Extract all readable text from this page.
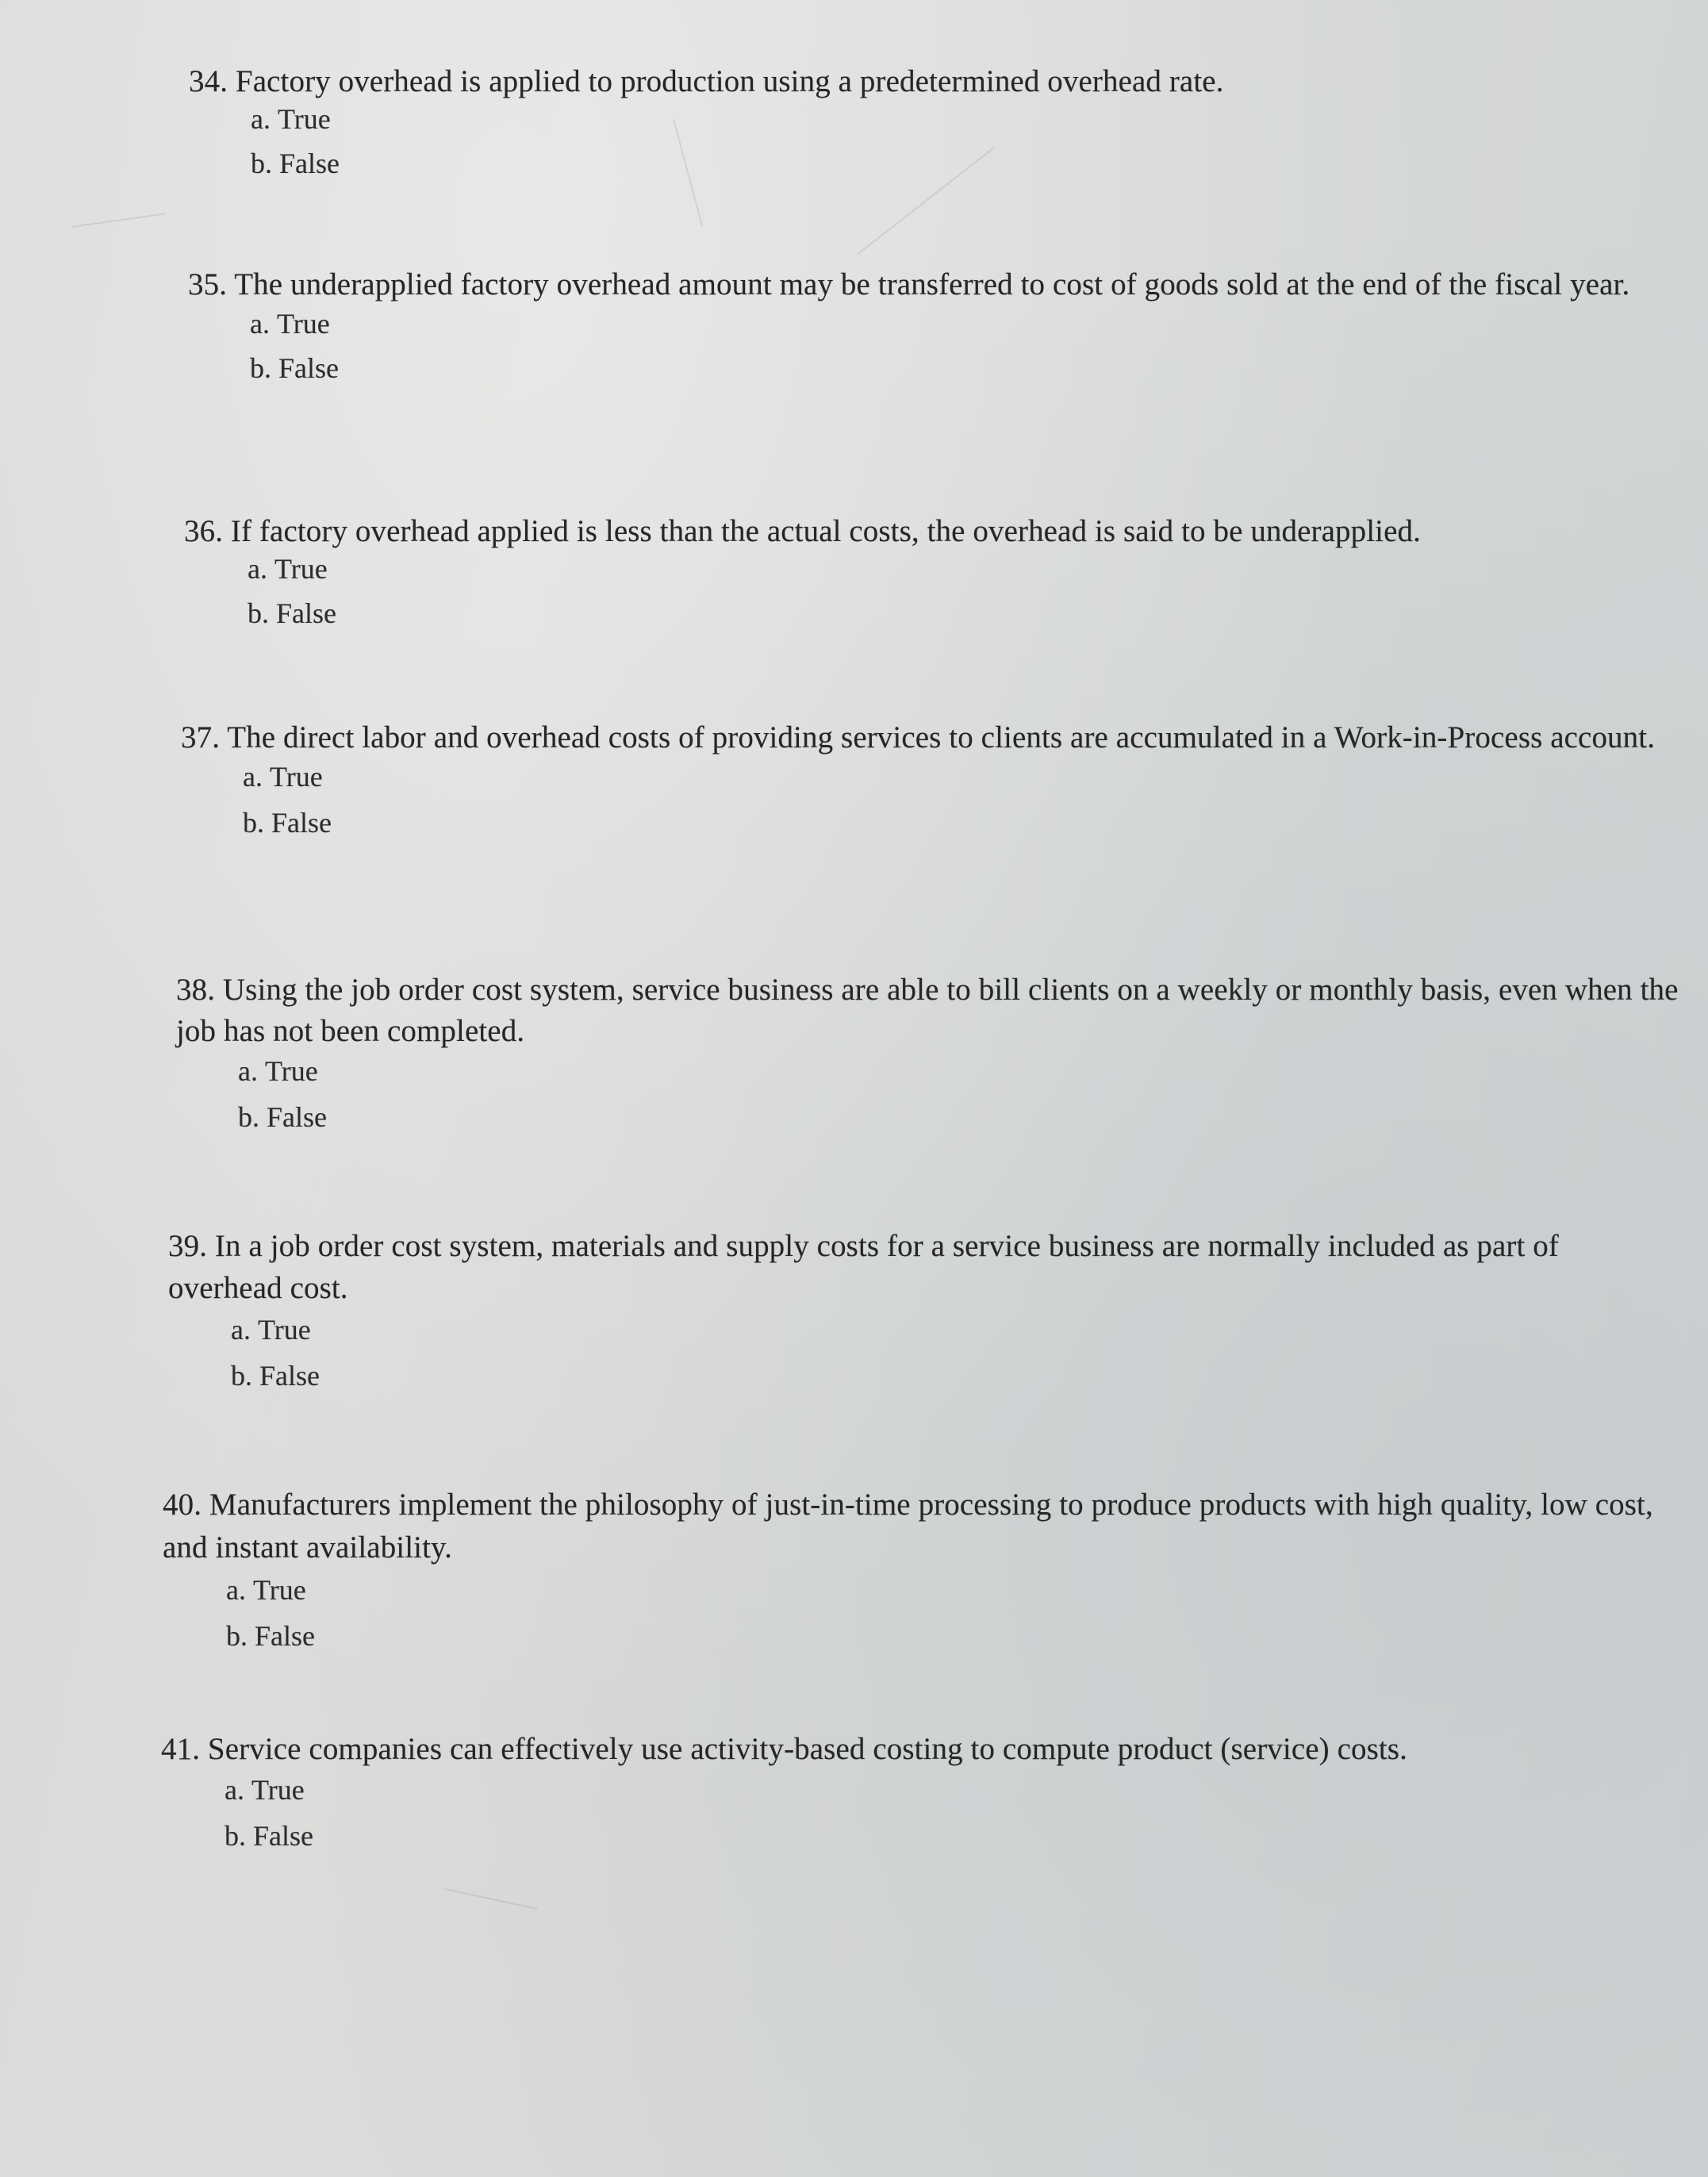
34. Factory overhead is applied to production using a predetermined overhead rate.

a. True
b. False

35. The underapplied factory overhead amount may be transferred to cost of goods sold at the end of the fiscal year.

a. True
b. False

36. If factory overhead applied is less than the actual costs, the overhead is said to be underapplied.

a. True
b. False

37. The direct labor and overhead costs of providing services to clients are accumulated in a Work-in-Process account.

a. True
b. False

38. Using the job order cost system, service business are able to bill clients on a weekly or monthly basis, even when the job has not been completed.

a. True
b. False

39. In a job order cost system, materials and supply costs for a service business are normally included as part of overhead cost.

a. True
b. False

40. Manufacturers implement the philosophy of just-in-time processing to produce products with high quality, low cost, and instant availability.

a. True
b. False

41. Service companies can effectively use activity-based costing to compute product (service) costs.

a. True
b. False
